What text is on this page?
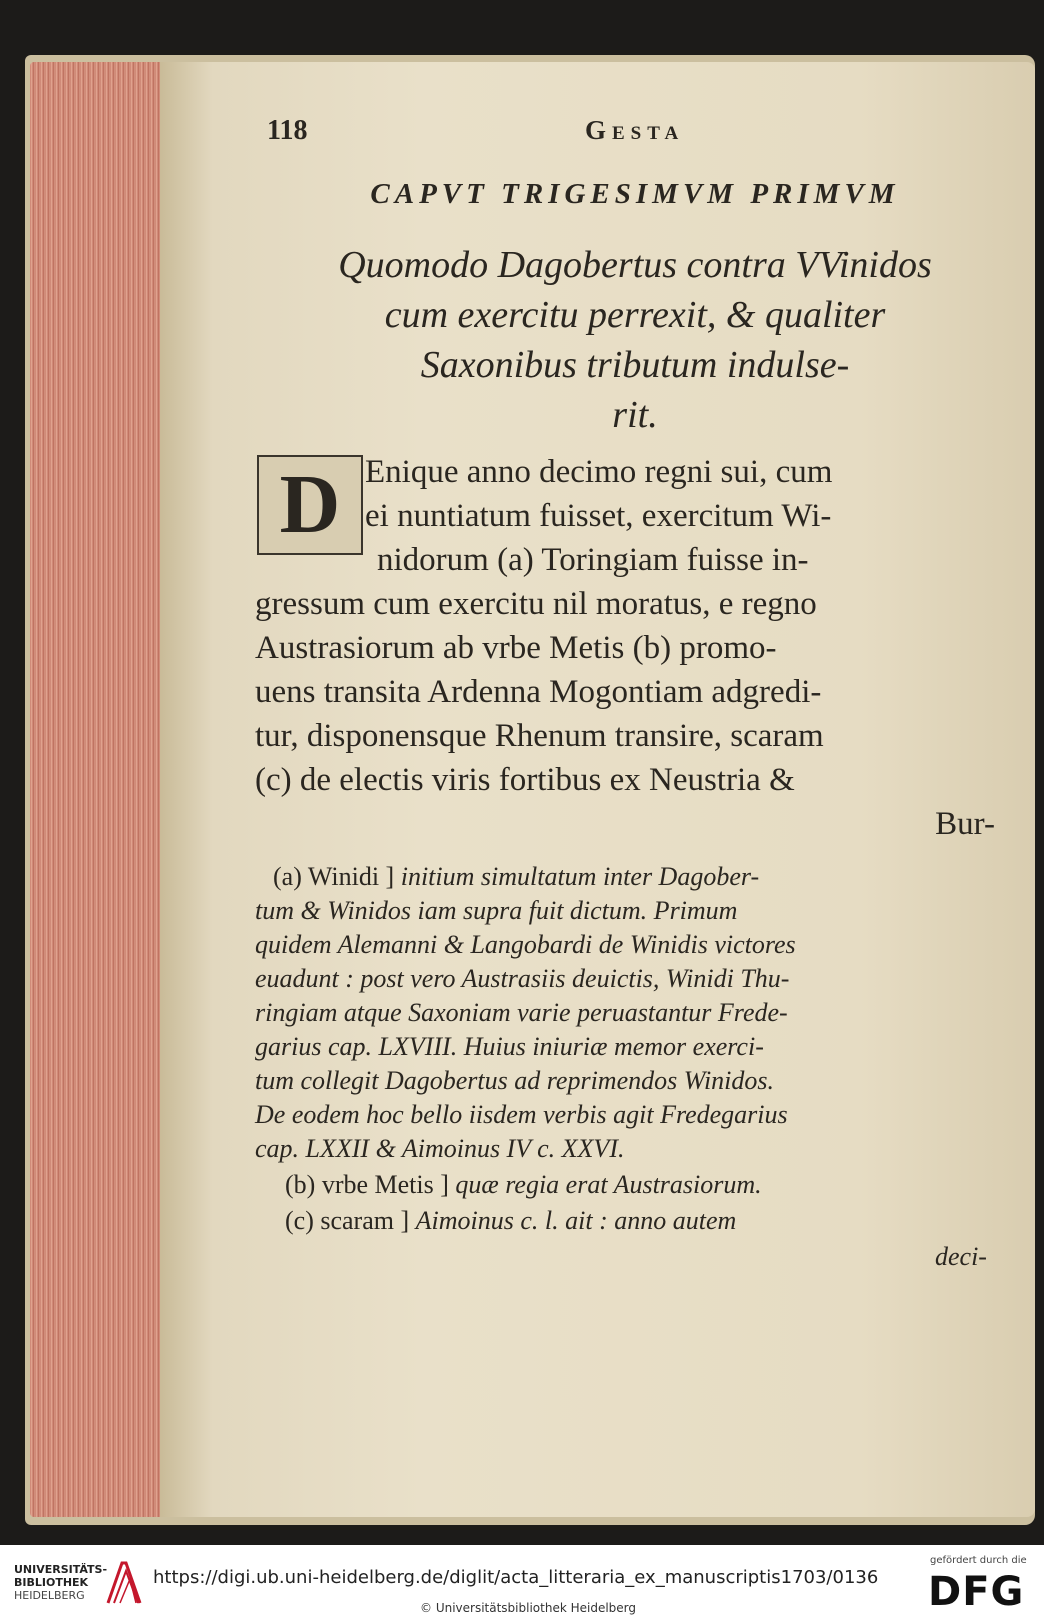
118	Gesta
CAPVT TRIGESIMVM PRIMVM
Quomodo Dagobertus contra VVinidos
cum exercitu perrexit, & qualiter
Saxonibus tributum indulse-
rit.
D Enique anno decimo regni sui, cum
ei nuntiatum fuisset, exercitum Wi-
nidorum (a) Toringiam fuisse in-
gressum cum exercitu nil moratus, e regno
Austrasiorum ab vrbe Metis (b) promo-
uens transita Ardenna Mogontiam adgredi-
tur, disponensque Rhenum transire, scaram
(c) de electis viris fortibus ex Neustria &
Bur-
(a) Winidi ] initium simultatum inter Dagober-
tum & Winidos iam supra fuit dictum. Primum
quidem Alemanni & Langobardi de Winidis victores
euadunt : post vero Austrasiis deuictis, Winidi Thu-
ringiam atque Saxoniam varie peruastantur Frede-
garius cap. LXVIII. Huius iniuriæ memor exerci-
tum collegit Dagobertus ad reprimendos Winidos.
De eodem hoc bello iisdem verbis agit Fredegarius
cap. LXXII & Aimoinus IV c. XXVI.
(b) vrbe Metis ] quæ regia erat Austrasiorum.
(c) scaram ] Aimoinus c. l. ait : anno autem
deci-
UNIVERSITÄTS-
BIBLIOTHEK
HEIDELBERG
https://digi.ub.uni-heidelberg.de/diglit/acta_litteraria_ex_manuscriptis1703/0136
© Universitätsbibliothek Heidelberg
gefördert durch die
DFG
